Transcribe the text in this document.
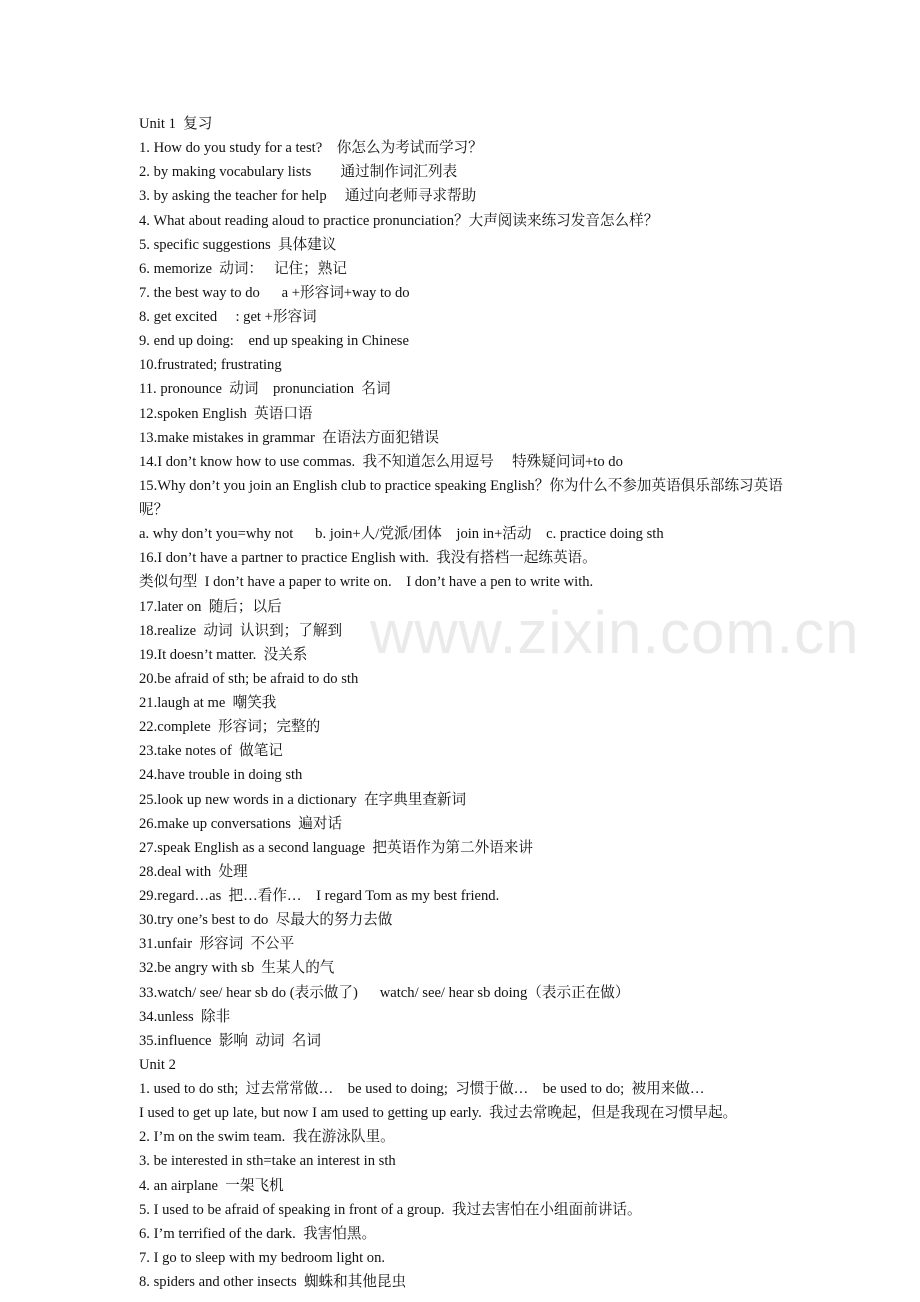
www.zixin.com.cn
Unit 1  复习
1. How do you study for a test?    你怎么为考试而学习？
2. by making vocabulary lists        通过制作词汇列表
3. by asking the teacher for help     通过向老师寻求帮助
4. What about reading aloud to practice pronunciation？大声阅读来练习发音怎么样？
5. specific suggestions  具体建议
6. memorize  动词：   记住；熟记
7. the best way to do      a +形容词+way to do
8. get excited     : get +形容词
9. end up doing:    end up speaking in Chinese
10.frustrated; frustrating
11. pronounce  动词    pronunciation  名词
12.spoken English  英语口语
13.make mistakes in grammar  在语法方面犯错误
14.I don’t know how to use commas.  我不知道怎么用逗号     特殊疑问词+to do
15.Why don’t you join an English club to practice speaking English？你为什么不参加英语俱乐部练习英语呢？
a. why don’t you=why not      b. join+人/党派/团体    join in+活动    c. practice doing sth
16.I don’t have a partner to practice English with.  我没有搭档一起练英语。
类似句型  I don’t have a paper to write on.    I don’t have a pen to write with.
17.later on  随后；以后
18.realize  动词  认识到；了解到
19.It doesn’t matter.  没关系
20.be afraid of sth; be afraid to do sth
21.laugh at me  嘲笑我
22.complete  形容词；完整的
23.take notes of  做笔记
24.have trouble in doing sth
25.look up new words in a dictionary  在字典里查新词
26.make up conversations  遍对话
27.speak English as a second language  把英语作为第二外语来讲
28.deal with  处理
29.regard…as  把…看作…    I regard Tom as my best friend.
30.try one’s best to do  尽最大的努力去做
31.unfair  形容词  不公平
32.be angry with sb  生某人的气
33.watch/ see/ hear sb do (表示做了)      watch/ see/ hear sb doing（表示正在做）
34.unless  除非
35.influence  影响  动词  名词
Unit 2
1. used to do sth;  过去常常做…    be used to doing;  习惯于做…    be used to do;  被用来做…
I used to get up late, but now I am used to getting up early.  我过去常晚起，但是我现在习惯早起。
2. I’m on the swim team.  我在游泳队里。
3. be interested in sth=take an interest in sth
4. an airplane  一架飞机
5. I used to be afraid of speaking in front of a group.  我过去害怕在小组面前讲话。
6. I’m terrified of the dark.  我害怕黑。
7. I go to sleep with my bedroom light on.
8. spiders and other insects  蜘蛛和其他昆虫
